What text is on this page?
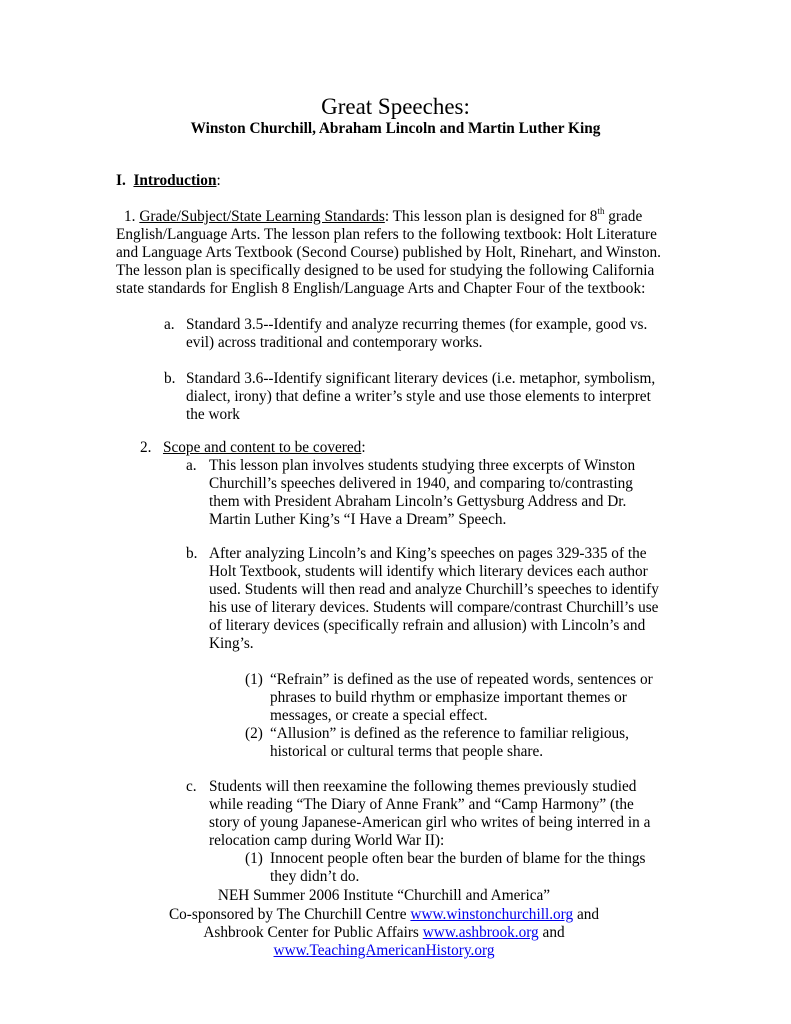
Great Speeches:
Winston Churchill, Abraham Lincoln and Martin Luther King
I. Introduction:
1. Grade/Subject/State Learning Standards: This lesson plan is designed for 8th grade
English/Language Arts. The lesson plan refers to the following textbook: Holt Literature
and Language Arts Textbook (Second Course) published by Holt, Rinehart, and Winston.
The lesson plan is specifically designed to be used for studying the following California
state standards for English 8 English/Language Arts and Chapter Four of the textbook:
a. Standard 3.5--Identify and analyze recurring themes (for example, good vs.
evil) across traditional and contemporary works.
b. Standard 3.6--Identify significant literary devices (i.e. metaphor, symbolism,
dialect, irony) that define a writer’s style and use those elements to interpret
the work
2. Scope and content to be covered:
a. This lesson plan involves students studying three excerpts of Winston
Churchill’s speeches delivered in 1940, and comparing to/contrasting
them with President Abraham Lincoln’s Gettysburg Address and Dr.
Martin Luther King’s “I Have a Dream” Speech.
b. After analyzing Lincoln’s and King’s speeches on pages 329-335 of the
Holt Textbook, students will identify which literary devices each author
used. Students will then read and analyze Churchill’s speeches to identify
his use of literary devices. Students will compare/contrast Churchill’s use
of literary devices (specifically refrain and allusion) with Lincoln’s and
King’s.
(1) “Refrain” is defined as the use of repeated words, sentences or
phrases to build rhythm or emphasize important themes or
messages, or create a special effect.
(2) “Allusion” is defined as the reference to familiar religious,
historical or cultural terms that people share.
c. Students will then reexamine the following themes previously studied
while reading “The Diary of Anne Frank” and “Camp Harmony” (the
story of young Japanese-American girl who writes of being interred in a
relocation camp during World War II):
(1) Innocent people often bear the burden of blame for the things
they didn’t do.
NEH Summer 2006 Institute “Churchill and America”
Co-sponsored by The Churchill Centre www.winstonchurchill.org and
Ashbrook Center for Public Affairs www.ashbrook.org and
www.TeachingAmericanHistory.org
